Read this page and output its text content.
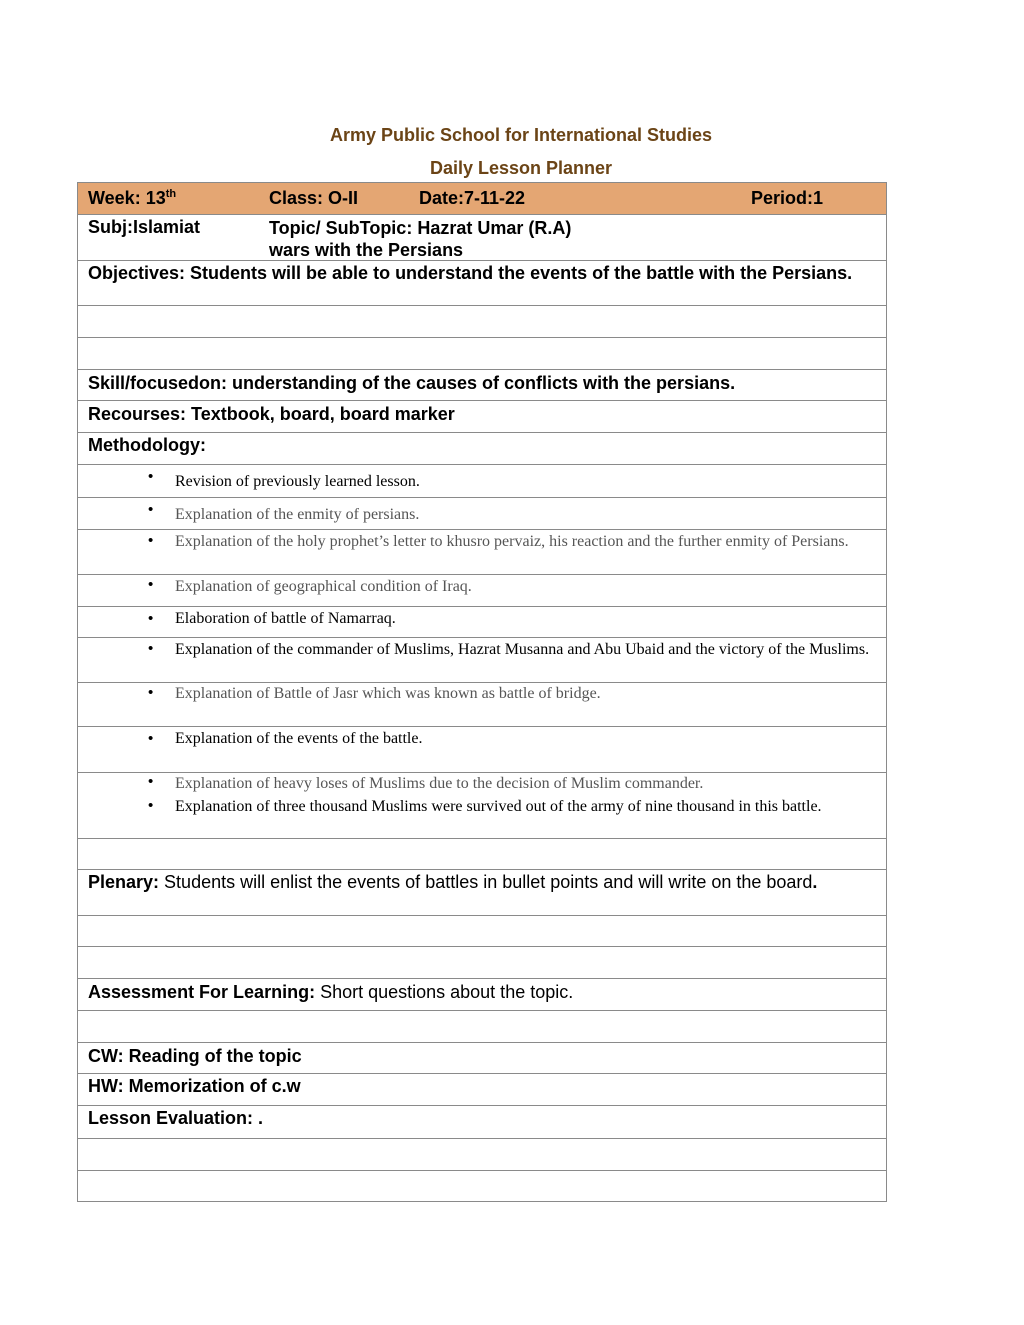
Army Public School for International Studies
Daily Lesson Planner
Week: 13th	Class: O-II	Date:7-11-22	Period:1
Subj:Islamiat	Topic/ SubTopic: Hazrat Umar (R.A)
wars with the Persians
Objectives: Students will be able to understand the events of the battle with the Persians.
Skill/focusedon: understanding of the causes of conflicts with the persians.
Recourses: Textbook, board, board marker
Methodology:
• Revision of previously learned lesson.
• Explanation of the enmity of persians.
• Explanation of the holy prophet’s letter to khusro pervaiz, his reaction and the further enmity of Persians.
• Explanation of geographical condition of Iraq.
• Elaboration of battle of Namarraq.
• Explanation of the commander of Muslims, Hazrat Musanna and Abu Ubaid and the victory of the Muslims.
• Explanation of Battle of Jasr which was known as battle of bridge.
• Explanation of the events of the battle.
• Explanation of heavy loses of Muslims due to the decision of Muslim commander.
• Explanation of three thousand Muslims were survived out of the army of nine thousand in this battle.
Plenary: Students will enlist the events of battles in bullet points and will write on the board.
Assessment For Learning: Short questions about the topic.
CW: Reading of the topic
HW: Memorization of c.w
Lesson Evaluation: .
